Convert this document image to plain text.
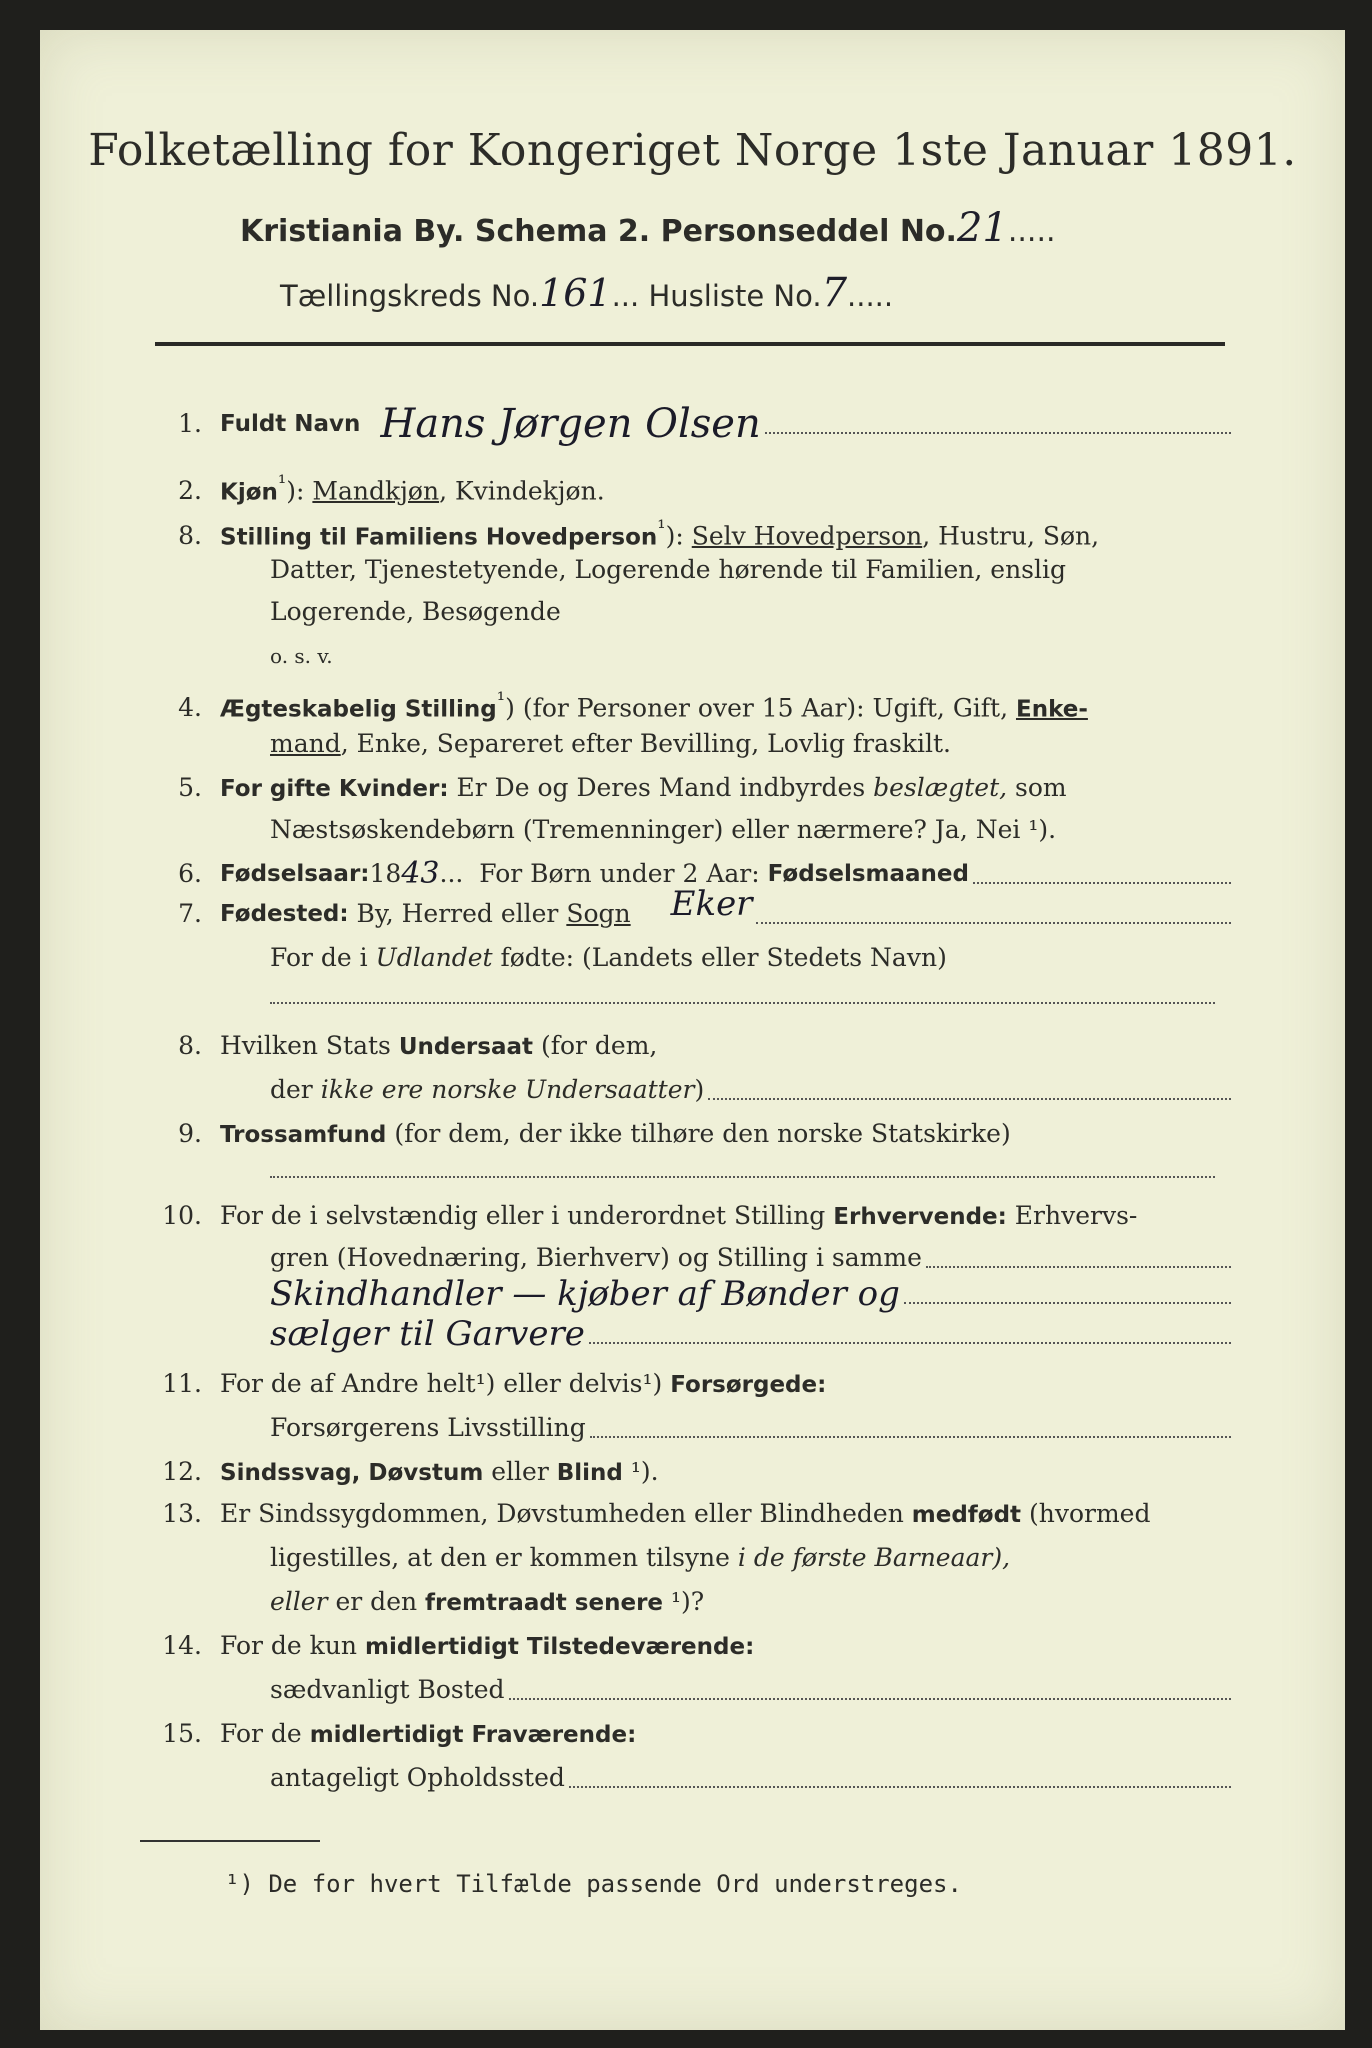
Folketælling for Kongeriget Norge 1ste Januar 1891.
Kristiania By. Schema 2. Personseddel No.21.....
Tællingskreds No.161... Husliste No.7.....
1. Fuldt Navn Hans Jørgen Olsen
2. Kjøn$^{^1}$): Mandkjøn, Kvindekjøn.
8. Stilling til Familiens Hovedperson$^{^1}$): Selv Hovedperson, Hustru, Søn,
Datter, Tjenestetyende, Logerende hørende til Familien, enslig
Logerende, Besøgende
o. s. v.
4. Ægteskabelig Stilling$^{^1}$) (for Personer over 15 Aar): Ugift, Gift, Enke-
mand, Enke, Separeret efter Bevilling, Lovlig fraskilt.
5. For gifte Kvinder: Er De og Deres Mand indbyrdes beslægtet, som
Næstsøskendebørn (Tremenninger) eller nærmere? Ja, Nei ¹).
6. Fødselsaar: 18 43 ... For Børn under 2 Aar: Fødselsmaaned
7. Fødested: By, Herred eller Sogn Eker
For de i Udlandet fødte: (Landets eller Stedets Navn)
8. Hvilken Stats Undersaat (for dem,
der ikke ere norske Undersaatter )
9. Trossamfund (for dem, der ikke tilhøre den norske Statskirke)
10. For de i selvstændig eller i underordnet Stilling Erhvervende: Erhvervs-
gren (Hovednæring, Bierhverv) og Stilling i samme
Skindhandler — kjøber af Bønder og
sælger til Garvere
11. For de af Andre helt¹) eller delvis¹) Forsørgede:
Forsørgerens Livsstilling
12. Sindssvag, Døvstum eller Blind ¹).
13. Er Sindssygdommen, Døvstumheden eller Blindheden medfødt (hvormed
ligestilles, at den er kommen tilsyne i de første Barneaar),
eller er den fremtraadt senere ¹)?
14. For de kun midlertidigt Tilstedeværende:
sædvanligt Bosted
15. For de midlertidigt Fraværende:
antageligt Opholdssted
¹) De for hvert Tilfælde passende Ord understreges.
